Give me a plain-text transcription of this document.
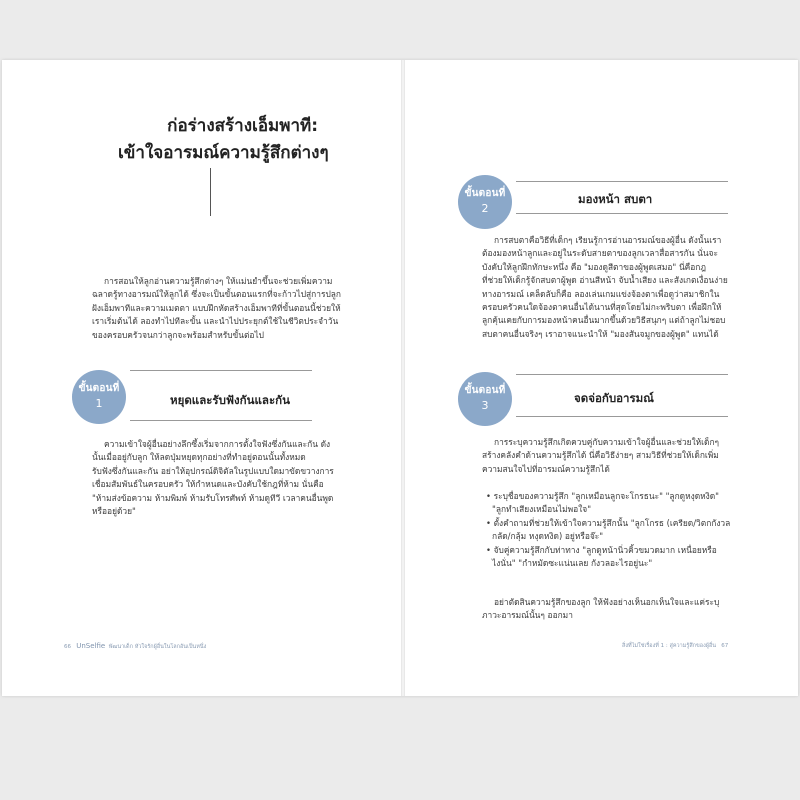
ก่อร่างสร้างเอ็มพาที:
เข้าใจอารมณ์ความรู้สึกต่างๆ
การสอนให้ลูกอ่านความรู้สึกต่างๆ ให้แม่นยำขึ้นจะช่วยเพิ่มความ
ฉลาดรู้ทางอารมณ์ให้ลูกได้ ซึ่งจะเป็นขั้นตอนแรกที่จะก้าวไปสู่การปลูก
ฝังเอ็มพาทีและความเมตตา แบบฝึกหัดสร้างเอ็มพาทีที่ขั้นตอนนี้ช่วยให้
เราเริ่มต้นได้ ลองทำไปทีละขั้น และนำไปประยุกต์ใช้ในชีวิตประจำวัน
ของครอบครัวจนกว่าลูกจะพร้อมสำหรับขั้นต่อไป
หยุดและรับฟังกันและกัน
ขั้นตอนที่
1
ความเข้าใจผู้อื่นอย่างลึกซึ้งเริ่มจากการตั้งใจฟังซึ่งกันและกัน ดัง
นั้นเมื่ออยู่กับลูก ให้ลดปุ่มหยุดทุกอย่างที่ทำอยู่ตอนนั้นทั้งหมด
รับฟังซึ่งกันและกัน อย่าให้อุปกรณ์ดิจิตัลในรูปแบบใดมาขัดขวางการ
เชื่อมสัมพันธ์ในครอบครัว ให้กำหนดและบังคับใช้กฎที่ห้าม นั่นคือ
"ห้ามส่งข้อความ ห้ามพิมพ์ ห้ามรับโทรศัพท์ ห้ามดูทีวี เวลาคนอื่นพูด
หรืออยู่ด้วย"
66 UnSelfie พัฒนาเด็ก หัวใจรักผู้อื่นในโลกอันเป็นหนึ่ง
มองหน้า สบตา
ขั้นตอนที่
2
การสบตาคือวิธีที่เด็กๆ เรียนรู้การอ่านอารมณ์ของผู้อื่น ดังนั้นเรา
ต้องมองหน้าลูกและอยู่ในระดับสายตาของลูกเวลาสื่อสารกัน นั่นจะ
บังคับให้ลูกฝึกทักษะหนึ่ง คือ "มองดูสีตาของผู้พูดเสมอ" นี่คือกฎ
ที่ช่วยให้เด็กรู้จักสบตาผู้พูด อ่านสีหน้า จับน้ำเสียง และสังเกตเงื่อนง่าย
ทางอารมณ์ เคล็ดลับก็คือ ลองเล่นเกมแข่งจ้องตาเพื่อดูว่าสมาชิกใน
ครอบครัวคนใดจ้องตาคนอื่นได้นานที่สุดโดยไม่กะพริบตา เพื่อฝึกให้
ลูกคุ้นเคยกับการมองหน้าคนอื่นมากขึ้นด้วยวิธีสนุกๆ แต่ถ้าลูกไม่ชอบ
สบตาคนอื่นจริงๆ เราอาจแนะนำให้ "มองสันจมูกของผู้พูด" แทนได้
จดจ่อกับอารมณ์
ขั้นตอนที่
3
การระบุความรู้สึกเกิดควบคู่กับความเข้าใจผู้อื่นและช่วยให้เด็กๆ
สร้างคลังคำด้านความรู้สึกได้ นี่คือวิธีง่ายๆ สามวิธีที่ช่วยให้เด็กเพิ่ม
ความสนใจไปที่อารมณ์ความรู้สึกได้
• ระบุชื่อของความรู้สึก "ลูกเหมือนลูกจะโกรธนะ" "ลูกดูหงุดหงิด"
"ลูกทำเสียงเหมือนไม่พอใจ"
• ตั้งคำถามที่ช่วยให้เข้าใจความรู้สึกนั้น "ลูกโกรธ (เครียด/วิตกกังวล
กลัด/กลุ้ม หงุดหงิด) อยู่หรือจ๊ะ"
• จับคู่ความรู้สึกกับท่าทาง "ลูกดูหน้านิ่วคิ้วขมวดมาก เหนื่อยหรือ
ไงนั่น" "กำหมัดซะแน่นเลย กังวลอะไรอยู่นะ"
อย่าตัดสินความรู้สึกของลูก ให้ฟังอย่างเห็นอกเห็นใจและแค่ระบุ
ภาวะอารมณ์นั้นๆ ออกมา
สิ่งที่ไม่ใช่เรื่องที่ 1 : สู่ความรู้สึกของผู้อื่น 67
